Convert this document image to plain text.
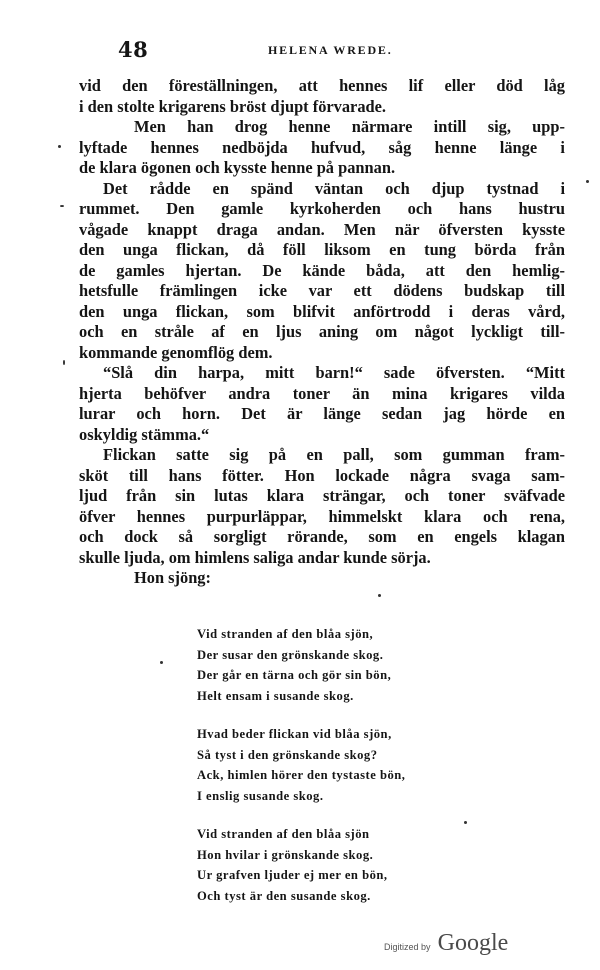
48	HELENA WREDE.
vid den föreställningen, att hennes lif eller död låg
i den stolte krigarens bröst djupt förvarade.
Men han drog henne närmare intill sig, upp-
lyftade hennes nedböjda hufvud, såg henne länge i
de klara ögonen och kysste henne på pannan.
Det rådde en spänd väntan och djup tystnad i
rummet. Den gamle kyrkoherden och hans hustru
vågade knappt draga andan. Men när öfversten kysste
den unga flickan, då föll liksom en tung börda från
de gamles hjertan. De kände båda, att den hemlig-
hetsfulle främlingen icke var ett dödens budskap till
den unga flickan, som blifvit anförtrodd i deras vård,
och en stråle af en ljus aning om något lyckligt till-
kommande genomflög dem.
“Slå din harpa, mitt barn!“ sade öfversten. “Mitt
hjerta behöfver andra toner än mina krigares vilda
lurar och horn. Det är länge sedan jag hörde en
oskyldig stämma.“
Flickan satte sig på en pall, som gumman fram-
sköt till hans fötter. Hon lockade några svaga sam-
ljud från sin lutas klara strängar, och toner sväfvade
öfver hennes purpurläppar, himmelskt klara och rena,
och dock så sorgligt rörande, som en engels klagan
skulle ljuda, om himlens saliga andar kunde sörja.
Hon sjöng:
Vid stranden af den blåa sjön,
Der susar den grönskande skog.
Der går en tärna och gör sin bön,
Helt ensam i susande skog.
Hvad beder flickan vid blåa sjön,
Så tyst i den grönskande skog?
Ack, himlen hörer den tystaste bön,
I enslig susande skog.
Vid stranden af den blåa sjön
Hon hvilar i grönskande skog.
Ur grafven ljuder ej mer en bön,
Och tyst är den susande skog.
Digitized by Google
